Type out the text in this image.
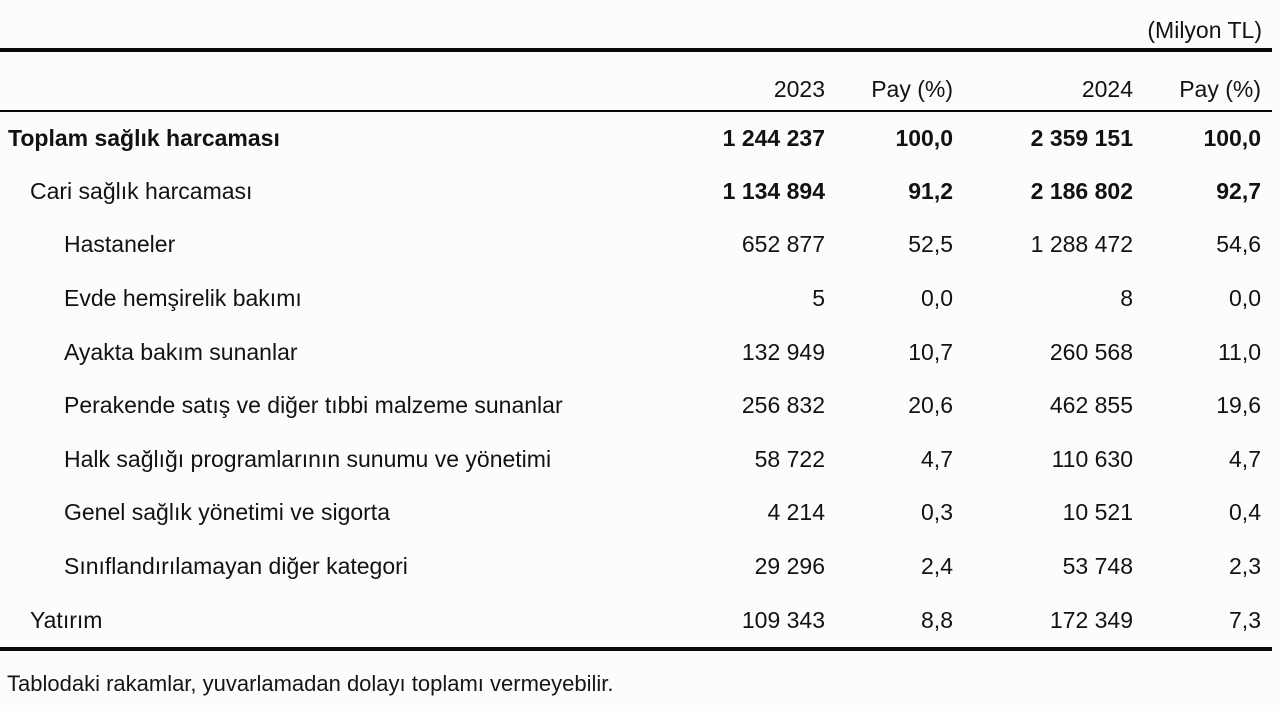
(Milyon TL)
	2023	Pay (%)	2024	Pay (%)
Toplam sağlık harcaması	1 244 237	100,0	2 359 151	100,0
Cari sağlık harcaması	1 134 894	91,2	2 186 802	92,7
Hastaneler	652 877	52,5	1 288 472	54,6
Evde hemşirelik bakımı	5	0,0	8	0,0
Ayakta bakım sunanlar	132 949	10,7	260 568	11,0
Perakende satış ve diğer tıbbi malzeme sunanlar	256 832	20,6	462 855	19,6
Halk sağlığı programlarının sunumu ve yönetimi	58 722	4,7	110 630	4,7
Genel sağlık yönetimi ve sigorta	4 214	0,3	10 521	0,4
Sınıflandırılamayan diğer kategori	29 296	2,4	53 748	2,3
Yatırım	109 343	8,8	172 349	7,3
Tablodaki rakamlar, yuvarlamadan dolayı toplamı vermeyebilir.
